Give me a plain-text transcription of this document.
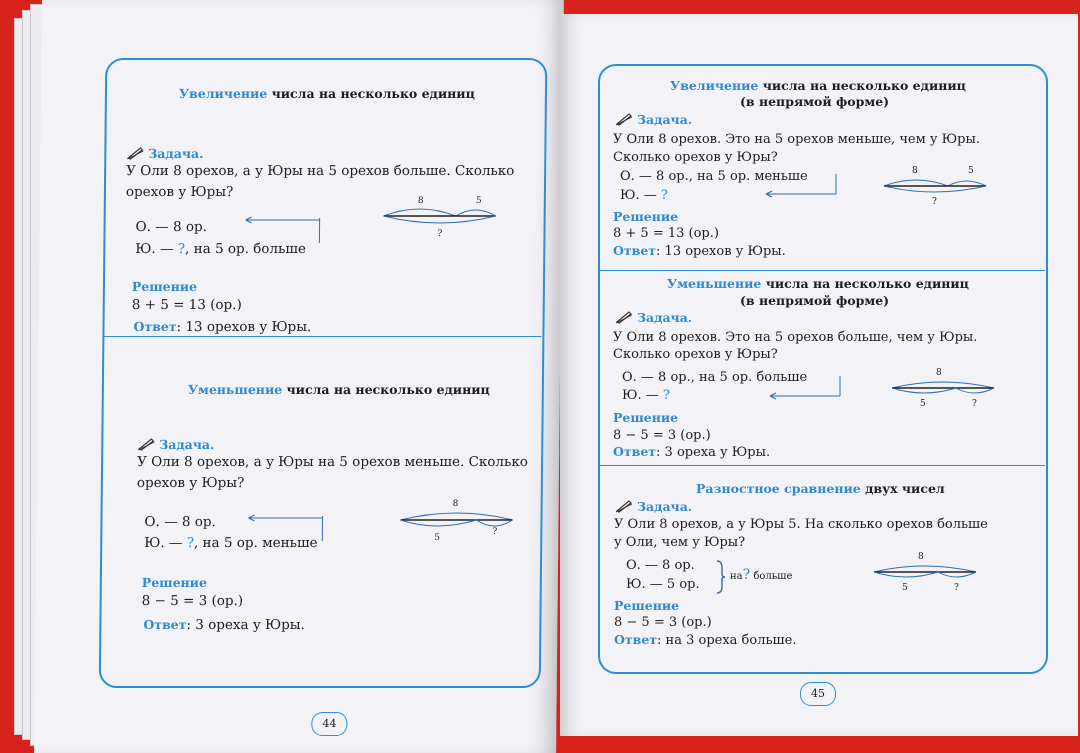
Увеличение числа на несколько единиц
Задача.
У Оли 8 орехов, а у Юры на 5 орехов больше. Сколько
орехов у Юры?
О. — 8 ор.
Ю. — ?, на 5 ор. больше
8	5
?
Решение
8 + 5 = 13 (ор.)
Ответ: 13 орехов у Юры.
Уменьшение числа на несколько единиц
Задача.
У Оли 8 орехов, а у Юры на 5 орехов меньше. Сколько
орехов у Юры?
О. — 8 ор.
Ю. — ?, на 5 ор. меньше
8
5
?
Решение
8 − 5 = 3 (ор.)
Ответ: 3 ореха у Юры.
44
Увеличение числа на несколько единиц
(в непрямой форме)
Задача.
У Оли 8 орехов. Это на 5 орехов меньше, чем у Юры.
Сколько орехов у Юры?
О. — 8 ор., на 5 ор. меньше
Ю. — ?
8	5
?
Решение
8 + 5 = 13 (ор.)
Ответ: 13 орехов у Юры.
Уменьшение числа на несколько единиц
(в непрямой форме)
Задача.
У Оли 8 орехов. Это на 5 орехов больше, чем у Юры.
Сколько орехов у Юры?
О. — 8 ор., на 5 ор. больше
Ю. — ?
8
5	?
Решение
8 − 5 = 3 (ор.)
Ответ: 3 ореха у Юры.
Разностное сравнение двух чисел
Задача.
У Оли 8 орехов, а у Юры 5. На сколько орехов больше
у Оли, чем у Юры?
О. — 8 ор.
Ю. — 5 ор.
на? больше
8
5	?
Решение
8 − 5 = 3 (ор.)
Ответ: на 3 ореха больше.
45
